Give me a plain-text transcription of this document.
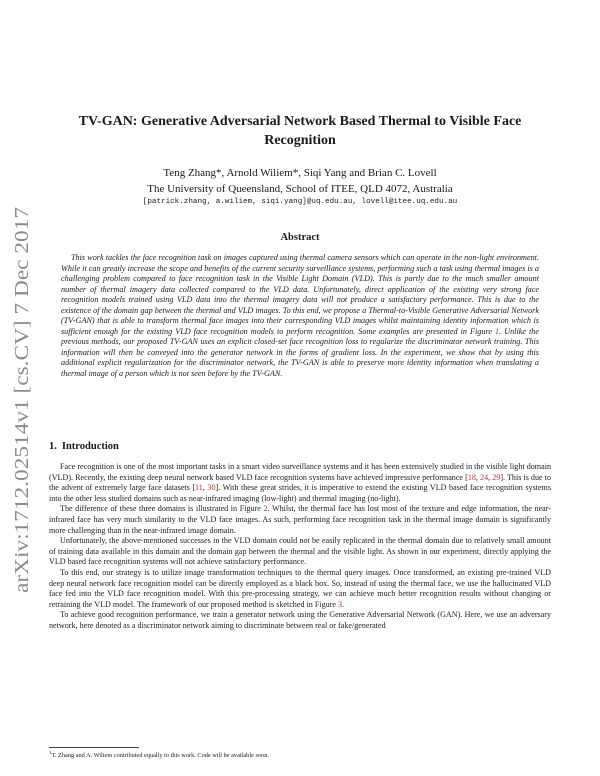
arXiv:1712.02514v1 [cs.CV] 7 Dec 2017
TV-GAN: Generative Adversarial Network Based Thermal to Visible Face
Recognition
Teng Zhang*, Arnold Wiliem*, Siqi Yang and Brian C. Lovell
The University of Queensland, School of ITEE, QLD 4072, Australia
[patrick.zhang, a.wiliem, siqi.yang]@uq.edu.au, lovell@itee.uq.edu.au
Abstract

This work tackles the face recognition task on images captured using thermal camera sensors which can operate in the non-light environment. While it can greatly increase the scope and benefits of the current security surveillance systems, performing such a task using thermal images is a challenging problem compared to face recognition task in the Visible Light Domain (VLD). This is partly due to the much smaller amount number of thermal imagery data collected compared to the VLD data. Unfortunately, direct application of the existing very strong face recognition models trained using VLD data into the thermal imagery data will not produce a satisfactory performance. This is due to the existence of the domain gap between the thermal and VLD images. To this end, we propose a Thermal-to-Visible Generative Adversarial Network (TV-GAN) that is able to transform thermal face images into their corresponding VLD images whilst maintaining identity information which is sufficient enough for the existing VLD face recognition models to perform recognition. Some examples are presented in Figure 1. Unlike the previous methods, our proposed TV-GAN uses an explicit closed-set face recognition loss to regularize the discriminator network training. This information will then be conveyed into the generator network in the forms of gradient loss. In the experiment, we show that by using this additional explicit regularization for the discriminator network, the TV-GAN is able to preserve more identity information when translating a thermal image of a person which is not seen before by the TV-GAN.

1. Introduction

Face recognition is one of the most important tasks in a smart video surveillance systems and it has been extensively studied in the visible light domain (VLD). Recently, the existing deep neural network based VLD face recognition systems have achieved impressive performance [18, 24, 29]. This is due to the advent of extremely large face datasets [11, 30]. With these great strides, it is imperative to extend the existing VLD based face recognition systems into the other less studied domains such as near-infrared imaging (low-light) and thermal imaging (no-light).

The difference of these three domains is illustrated in Figure 2. Whilst, the thermal face has lost most of the texture and edge information, the near-infrared face has very much similarity to the VLD face images. As such, performing face recognition task in the thermal image domain is significantly more challenging than in the near-infrared image domain.

Unfortunately, the above-mentioned successes in the VLD domain could not be easily replicated in the thermal domain due to relatively small amount of training data available in this domain and the domain gap between the thermal and the visible light. As shown in our experiment, directly applying the VLD based face recognition systems will not achieve satisfactory performance.

To this end, our strategy is to utilize image transformation techniques to the thermal query images. Once transformed, an existing pre-trained VLD deep neural network face recognition model can be directly employed as a black box. So, instead of using the thermal face, we use the hallucinated VLD face fed into the VLD face recognition model. With this pre-processing strategy, we can achieve much better recognition results without changing or retraining the VLD model. The framework of our proposed method is sketched in Figure 3.

To achieve good recognition performance, we train a generator network using the Generative Adversarial Network (GAN). Here, we use an adversary network, here denoted as a discriminator network aiming to discriminate between real or fake/generated

$^1$T. Zhang and A. Wiliem contributed equally to this work. Code will be available soon.
